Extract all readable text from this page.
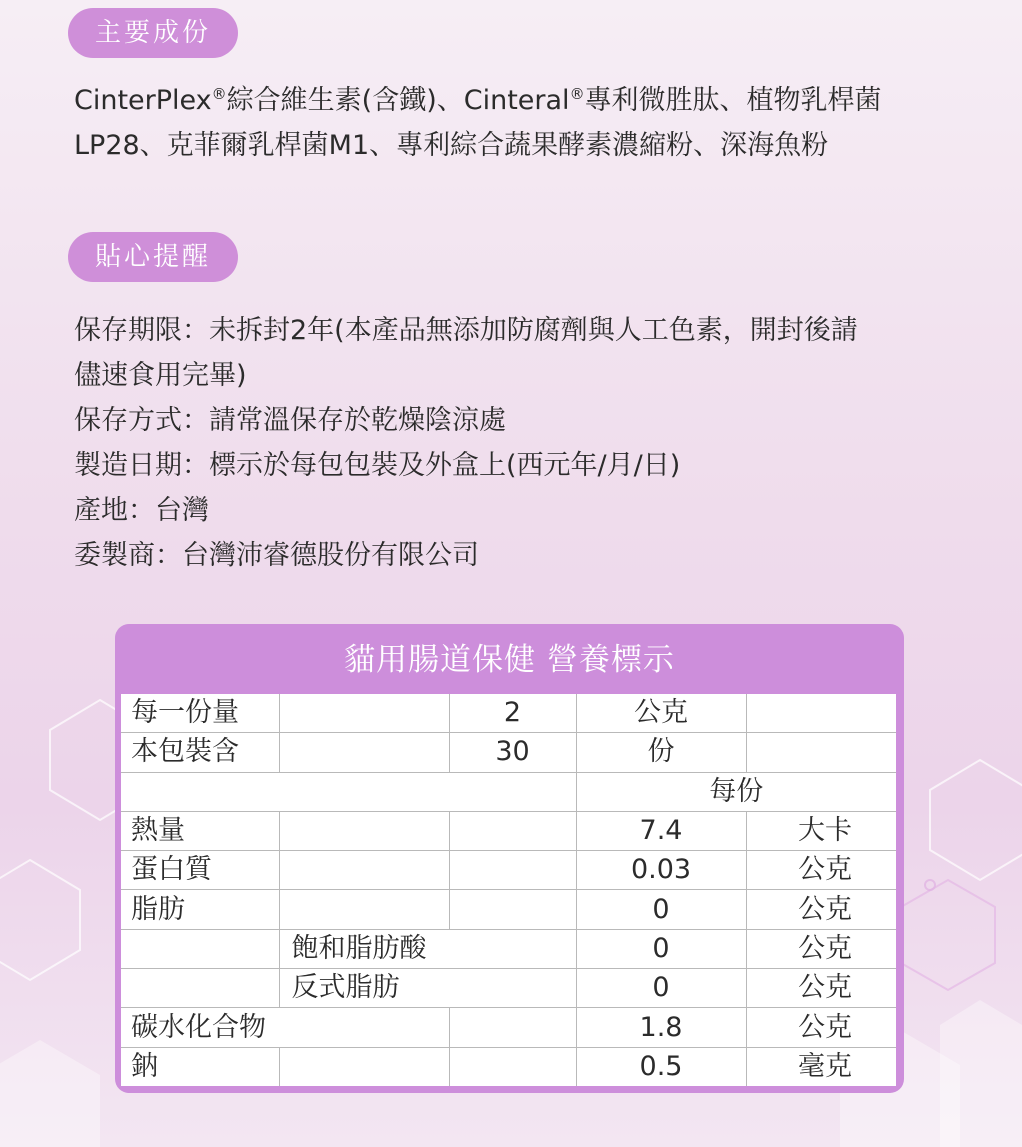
主要成份

CinterPlex®綜合維生素(含鐵)、Cinteral®專利微胜肽、植物乳桿菌
LP28、克菲爾乳桿菌M1、專利綜合蔬果酵素濃縮粉、深海魚粉

貼心提醒

保存期限：未拆封2年(本產品無添加防腐劑與人工色素，開封後請
儘速食用完畢)
保存方式：請常溫保存於乾燥陰涼處
製造日期：標示於每包包裝及外盒上(西元年/月/日)
產地：台灣
委製商：台灣沛睿德股份有限公司

貓用腸道保健 營養標示
每一份量		2	公克	
本包裝含		30	份	
			每份	
熱量			7.4	大卡
蛋白質			0.03	公克
脂肪			0	公克
	飽和脂肪酸		0	公克
	反式脂肪		0	公克
碳水化合物			1.8	公克
鈉			0.5	毫克
